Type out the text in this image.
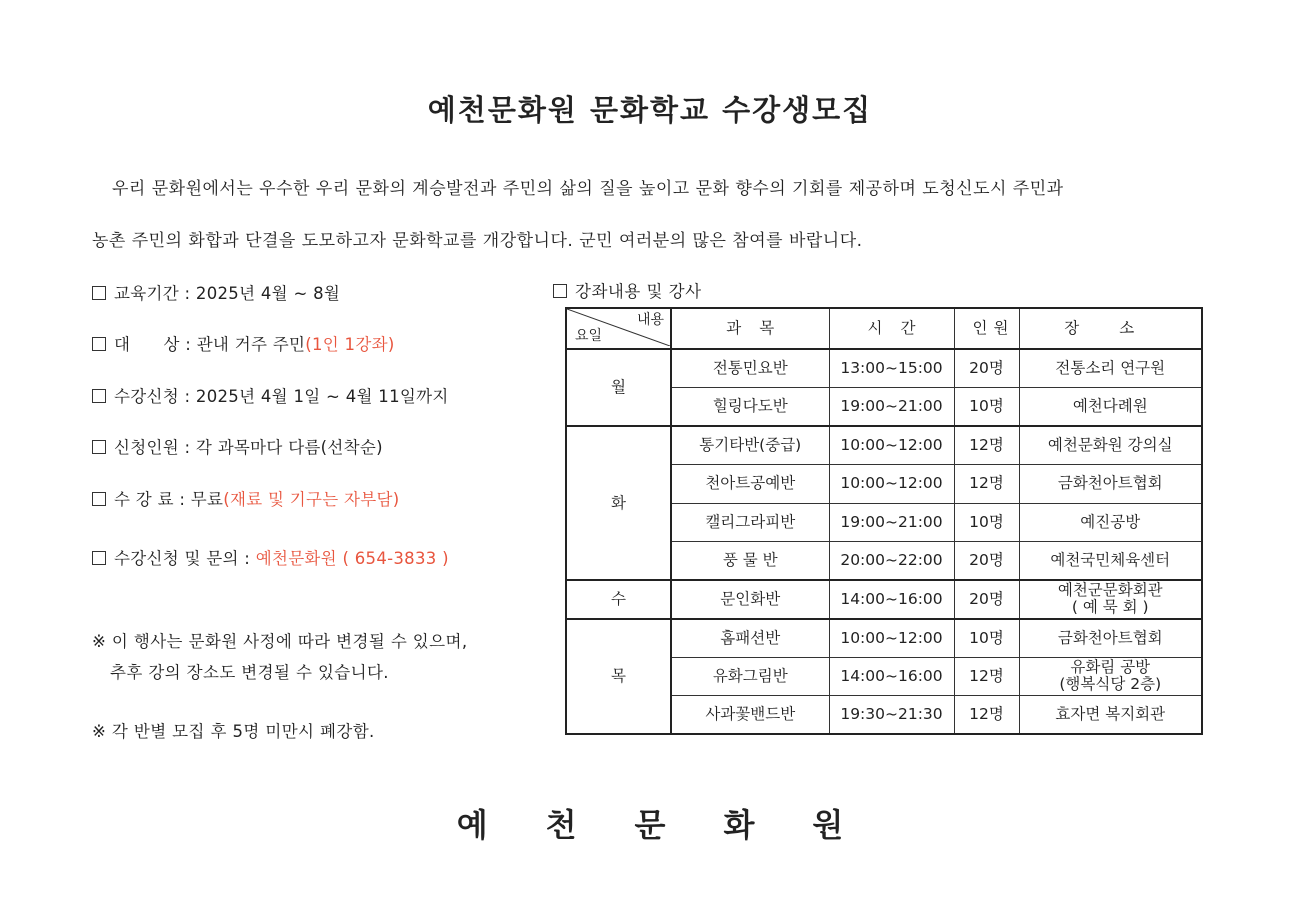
예천문화원 문화학교 수강생모집
우리 문화원에서는 우수한 우리 문화의 계승발전과 주민의 삶의 질을 높이고 문화 향수의 기회를 제공하며 도청신도시 주민과
농촌 주민의 화합과 단결을 도모하고자 문화학교를 개강합니다. 군민 여러분의 많은 참여를 바랍니다.
교육기간 : 2025년 4월 ~ 8월
대      상 : 관내 거주 주민(1인 1강좌)
수강신청 : 2025년 4월 1일 ~ 4월 11일까지
신청인원 : 각 과목마다 다름(선착순)
수 강 료 : 무료(재료 및 기구는 자부담)
수강신청 및 문의 : 예천문화원 ( 654-3833 )
※ 이 행사는 문화원 사정에 따라 변경될 수 있으며,
추후 강의 장소도 변경될 수 있습니다.
※ 각 반별 모집 후 5명 미만시 폐강함.
강좌내용 및 강사
내용
요일	과목	시간	인원	장소
월	전통민요반	13:00~15:00	20명	전통소리 연구원
	힐링다도반	19:00~21:00	10명	예천다례원
화	통기타반(중급)	10:00~12:00	12명	예천문화원 강의실
	천아트공예반	10:00~12:00	12명	금화천아트협회
	캘리그라피반	19:00~21:00	10명	예진공방
	풍 물 반	20:00~22:00	20명	예천국민체육센터
수	문인화반	14:00~16:00	20명	예천군문화회관
( 예 묵 회 )

목	홈패션반	10:00~12:00	10명	금화천아트협회
	유화그림반	14:00~16:00	12명	유화림 공방
(행복식당 2층)

	사과꽃밴드반	19:30~21:30	12명	효자면 복지회관
예천문화원
